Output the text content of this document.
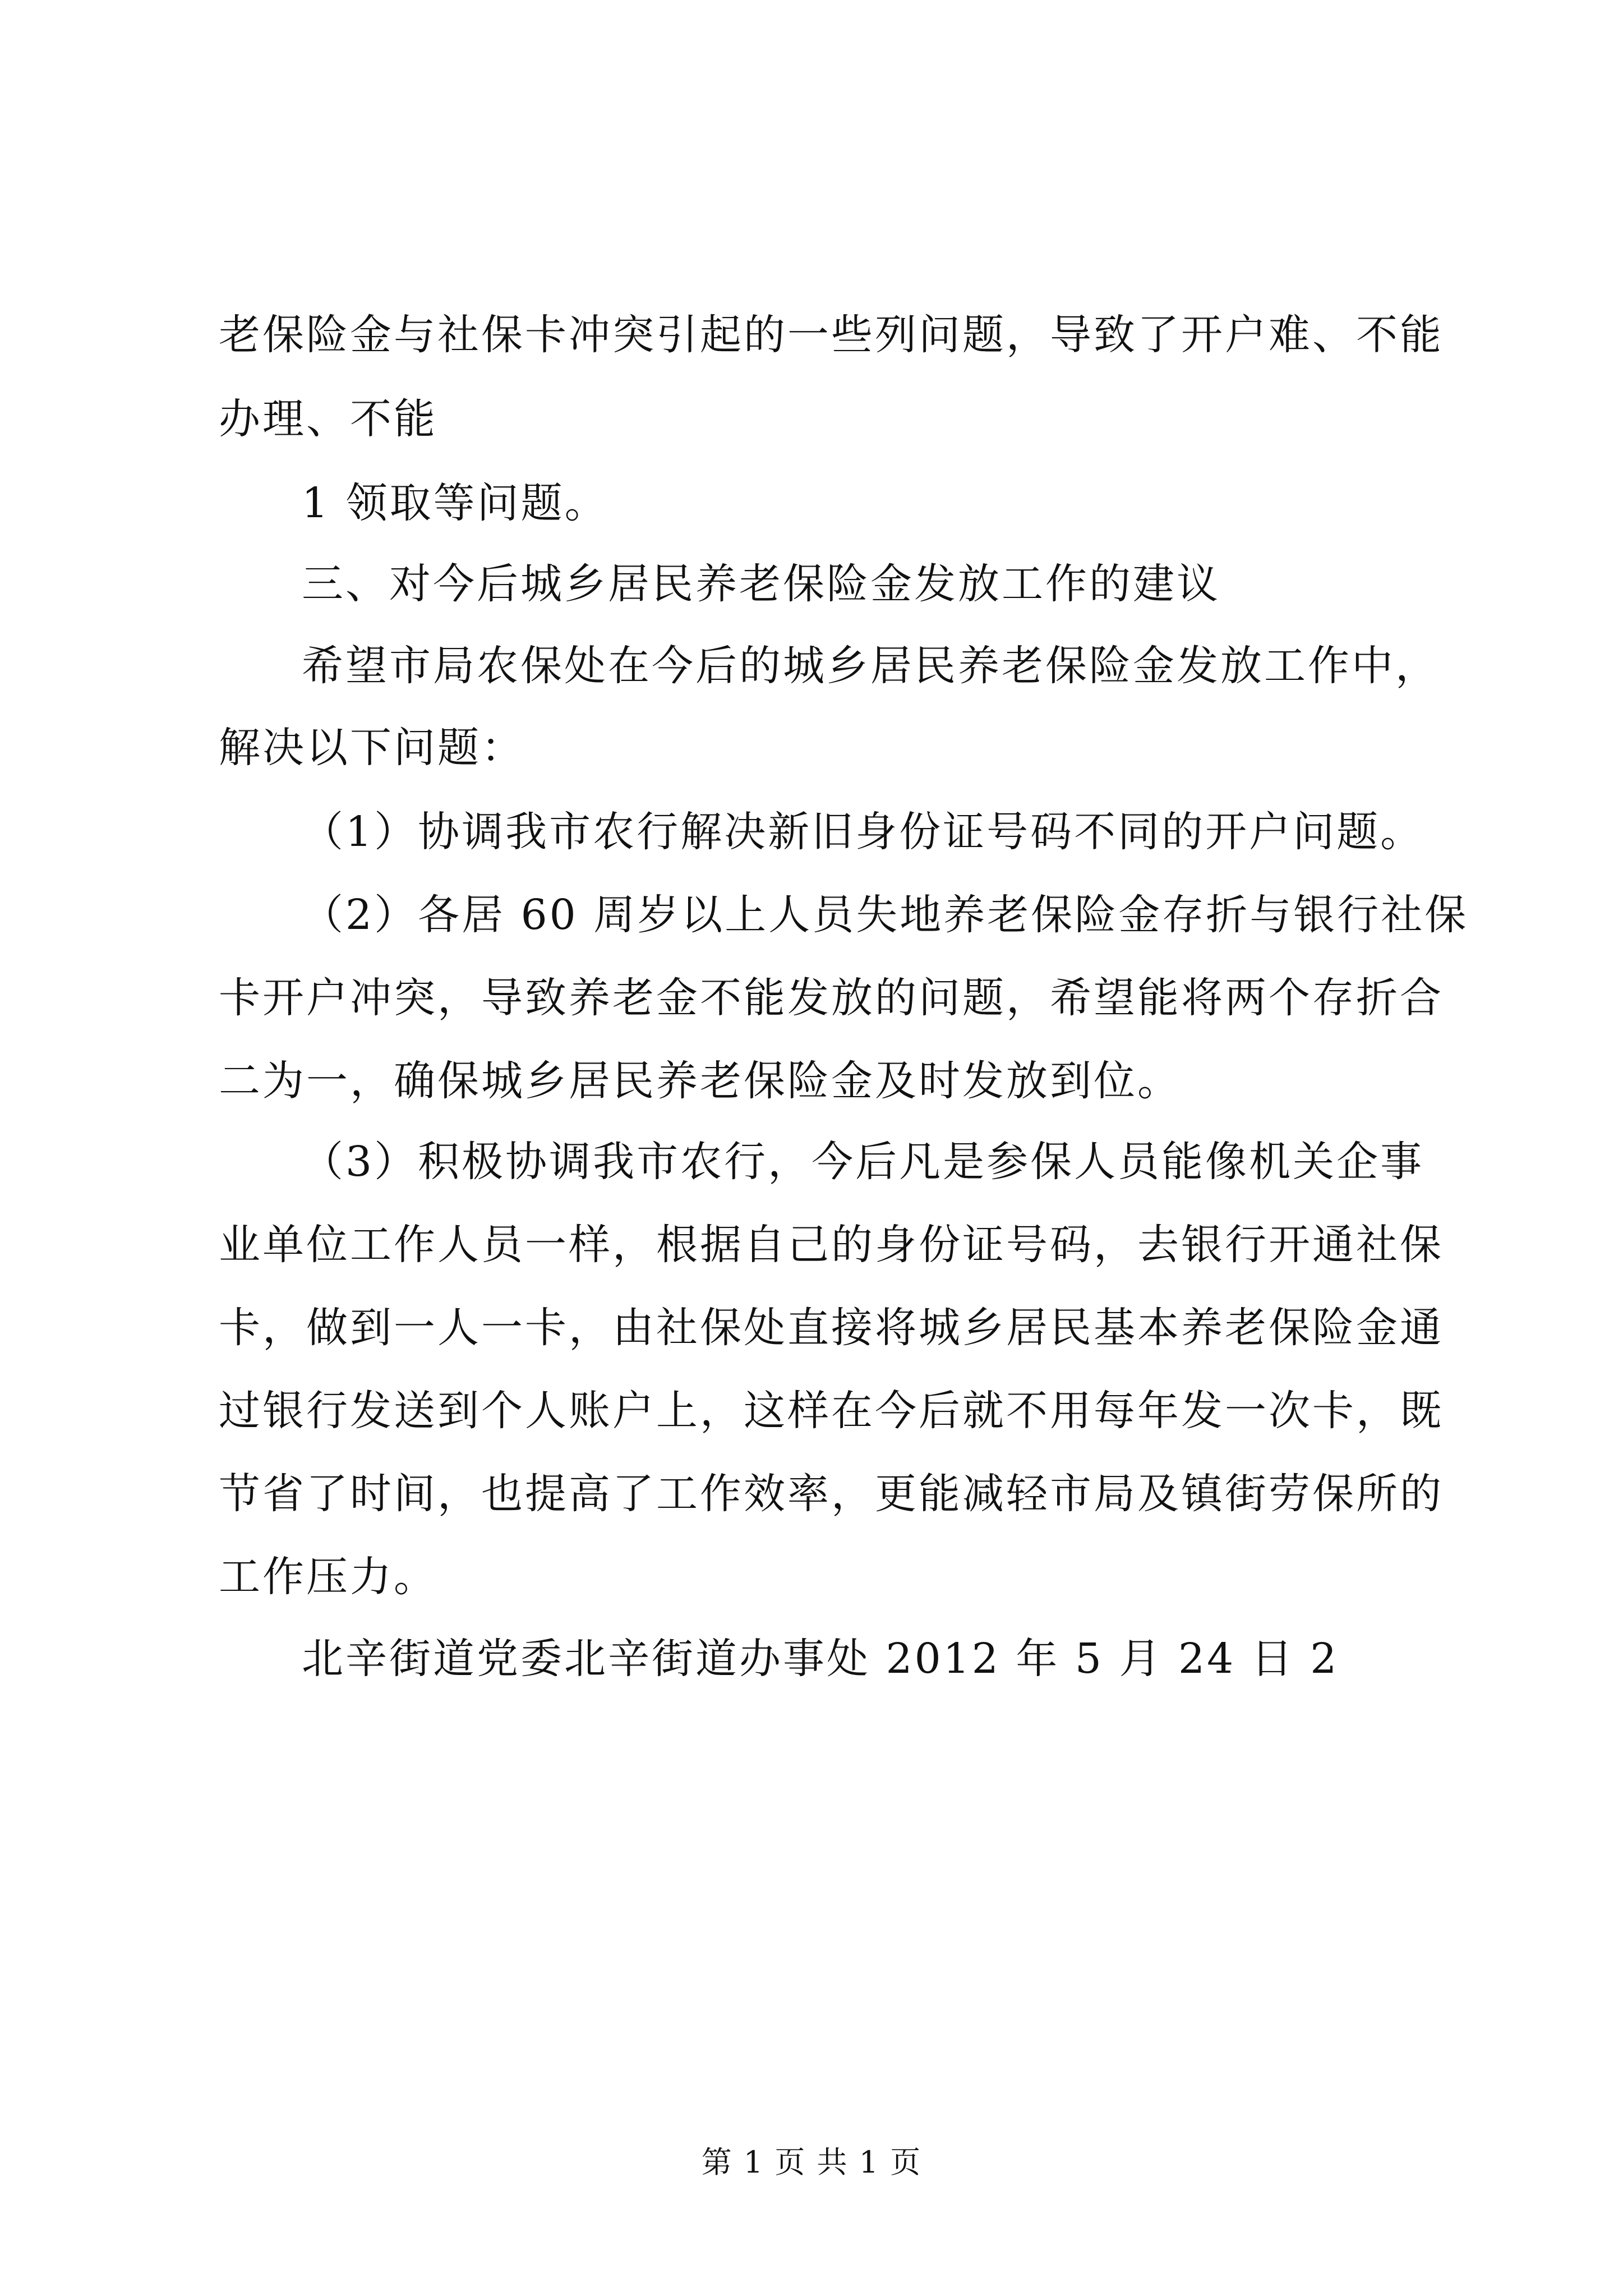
老保险金与社保卡冲突引起的一些列问题，导致了开户难、不能
办理、不能
1 领取等问题。
三、对今后城乡居民养老保险金发放工作的建议
希望市局农保处在今后的城乡居民养老保险金发放工作中，
解决以下问题：
（1）协调我市农行解决新旧身份证号码不同的开户问题。
（2）各居 60 周岁以上人员失地养老保险金存折与银行社保
卡开户冲突，导致养老金不能发放的问题，希望能将两个存折合
二为一，确保城乡居民养老保险金及时发放到位。
（3）积极协调我市农行，今后凡是参保人员能像机关企事
业单位工作人员一样，根据自己的身份证号码，去银行开通社保
卡，做到一人一卡，由社保处直接将城乡居民基本养老保险金通
过银行发送到个人账户上，这样在今后就不用每年发一次卡，既
节省了时间，也提高了工作效率，更能减轻市局及镇街劳保所的
工作压力。
北辛街道党委北辛街道办事处 2012 年 5 月 24 日 2
第 1 页 共 1 页
